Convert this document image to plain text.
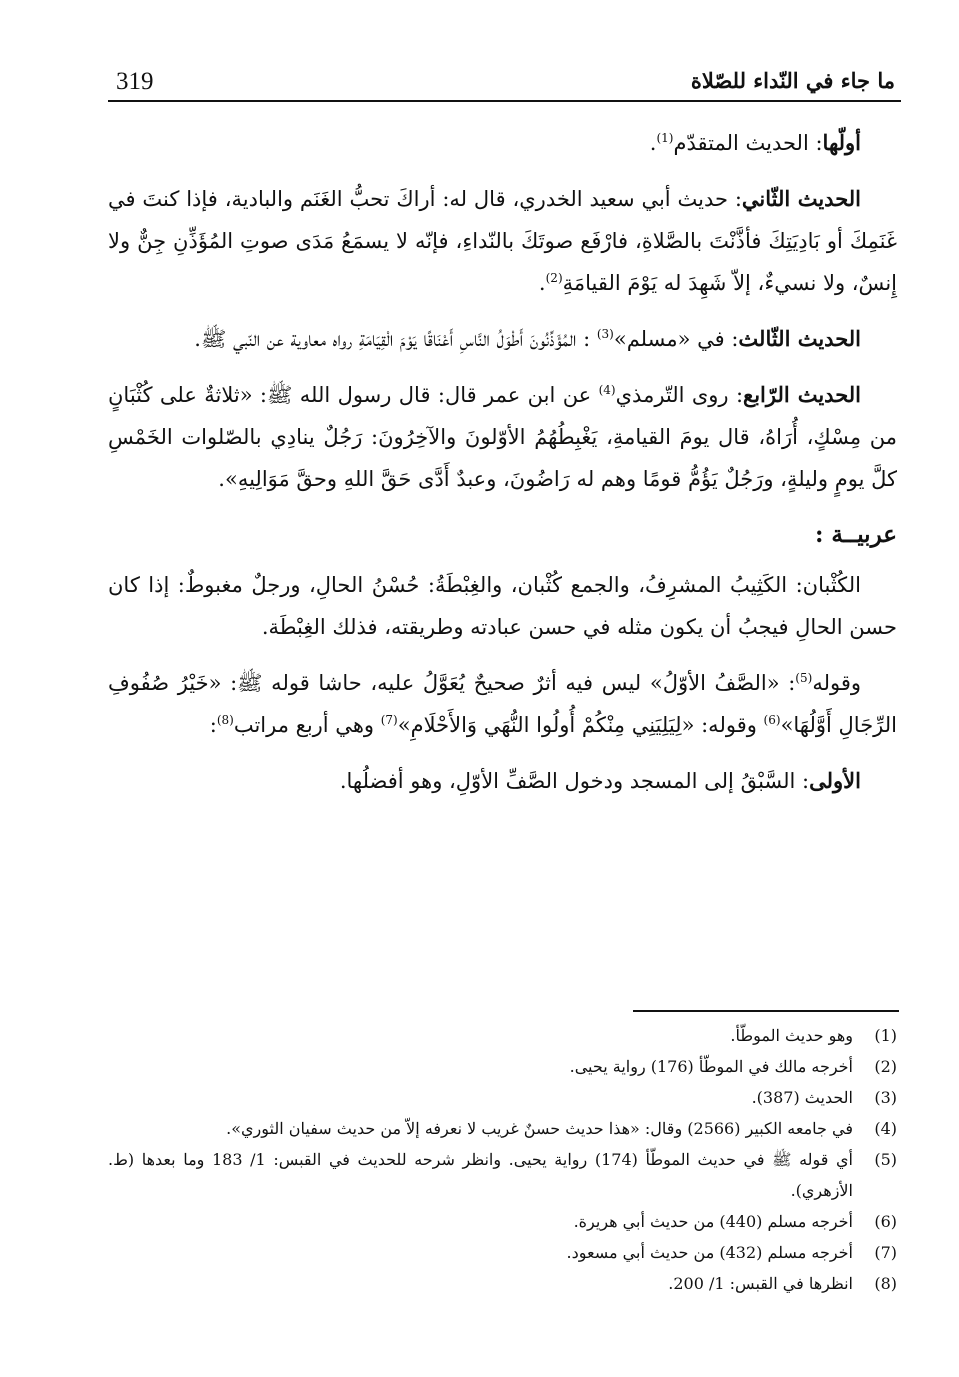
319	ما جاء في النّداء للصّلاة

أولّها: الحديث المتقدّم$^{(1)}$.

الحديث الثّاني: حديث أبي سعيد الخدري، قال له: أراكَ تحبُّ الغَنَم والبادية، فإذا كنتَ في غَنَمِكَ أو بَادِيَتِكَ فأذَّنْتَ بالصَّلاةِ، فارْفَع صوتَكَ بالنّداءِ، فإنّه لا يسمَعُ مَدَى صوتِ المُؤَذِّنِ جِنٌّ ولا إِنسٌ، ولا نسيءٌ، إلاّ شَهِدَ له يَوْمَ القيامَةِ$^{(2)}$.

الحديث الثّالث: في «مسلم»$^{(3)}$ : المُؤَذِّنُونَ أَطْوَلُ النَّاسِ أَعْنَاقًا يَوْمَ الْقِيَامَةِ رواه معاوية عن النّبي ﷺ.

الحديث الرّابع: روى التّرمذي$^{(4)}$ عن ابن عمر قال: قال رسول الله ﷺ: «ثلاثةٌ على كُثْبَانٍ من مِسْكٍ، أُرَاهُ، قال يومَ القيامةِ، يَغْبِطُهُمُ الأوّلونَ والآخِرُونَ: رَجُلٌ ينادِي بالصّلوات الخَمْسِ كلَّ يومٍ وليلةٍ، ورَجُلٌ يَؤُمُّ قومًا وهم له رَاضُونَ، وعبدٌ أَدَّى حَقَّ اللهِ وحقَّ مَوَالِيهِ».

عربيــة :

الكُثْبان: الكَثِيبُ المشرِفُ، والجمع كُثْبان، والغِبْطَةُ: حُسْنُ الحالِ، ورجلٌ مغبوطٌ: إذا كان حسن الحالِ فيجبُ أن يكون مثله في حسن عبادته وطريقته، فذلك الغِبْطَة.

وقوله$^{(5)}$: «الصَّفُ الأوّلُ» ليس فيه أثرٌ صحيحٌ يُعَوَّلُ عليه، حاشا قوله ﷺ: «خَيْرُ صُفُوفِ الرِّجَالِ أَوَّلُهَا»$^{(6)}$ وقوله: «لِيَلِيَنِي مِنْكُمْ أُولُوا النُّهَي وَالأَحْلَامِ»$^{(7)}$ وهي أربع مراتب$^{(8)}$:

الأولى: السَّبْقُ إلى المسجد ودخول الصَّفِّ الأوّلِ، وهو أفضلُها.

(1)
وهو حديث الموطّأ.
(2)
أخرجه مالك في الموطّأ (176) رواية يحيى.
(3)
الحديث (387).
(4)
في جامعه الكبير (2566) وقال: «هذا حديث حسنٌ غريب لا نعرفه إلاّ من حديث سفيان الثوري».
(5)
أي قوله ﷺ في حديث الموطّأ (174) رواية يحيى. وانظر شرحه للحديث في القبس: 1/ 183 وما بعدها (ط. الأزهري).
(6)
أخرجه مسلم (440) من حديث أبي هريرة.
(7)
أخرجه مسلم (432) من حديث أبي مسعود.
(8)
انظرها في القبس: 1/ 200.
